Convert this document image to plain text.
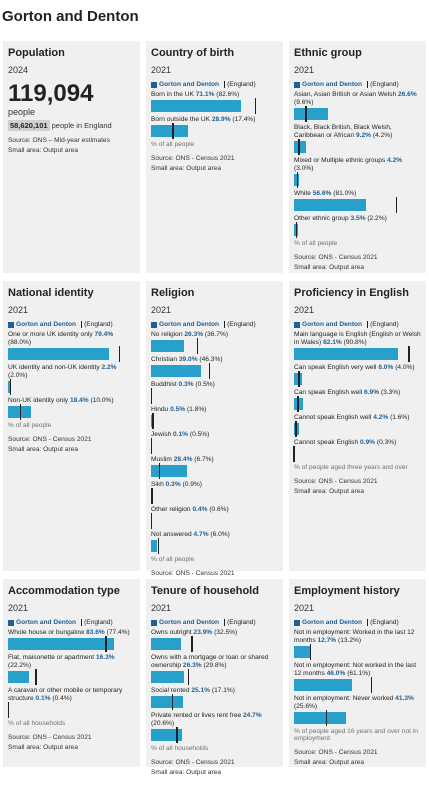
Gorton and Denton
Population
2024
119,094
people
58,620,101 people in England
Source: ONS – Mid-year estimates
Small area: Output area
Country of birth
2021
Gorton and Denton (England)
Born in the UK 71.1% (82.6%)
Born outside the UK 28.9% (17.4%)
% of all people
Source: ONS - Census 2021
Small area: Output area
Ethnic group
2021
Gorton and Denton (England)
Asian, Asian British or Asian Welsh 26.6% (9.6%)
Black, Black British, Black Welsh, Caribbean or African 9.2% (4.2%)
Mixed or Multiple ethnic groups 4.2% (3.0%)
White 56.6% (81.0%)
Other ethnic group 3.5% (2.2%)
% of all people
Source: ONS - Census 2021
Small area: Output area
National identity
2021
Gorton and Denton (England)
One or more UK identity only 79.4% (88.0%)
UK identity and non-UK identity 2.2% (2.0%)
Non-UK identity only 18.4% (10.0%)
% of all people
Source: ONS - Census 2021
Small area: Output area
Religion
2021
Gorton and Denton (England)
No religion 26.3% (36.7%)
Christian 39.0% (46.3%)
Buddhist 0.3% (0.5%)
Hindu 0.5% (1.8%)
Jewish 0.1% (0.5%)
Muslim 28.4% (6.7%)
Sikh 0.3% (0.9%)
Other religion 0.4% (0.6%)
Not answered 4.7% (6.0%)
% of all people
Source: ONS - Census 2021
Proficiency in English
2021
Gorton and Denton (England)
Main language is English (English or Welsh in Wales) 82.1% (90.8%)
Can speak English very well 6.0% (4.0%)
Can speak English well 6.9% (3.3%)
Cannot speak English well 4.2% (1.6%)
Cannot speak English 0.9% (0.3%)
% of people aged three years and over
Source: ONS - Census 2021
Small area: Output area
Accommodation type
2021
Gorton and Denton (England)
Whole house or bungalow 83.6% (77.4%)
Flat, maisonette or apartment 16.3% (22.2%)
A caravan or other mobile or temporary structure 0.1% (0.4%)
% of all households
Source: ONS - Census 2021
Small area: Output area
Tenure of household
2021
Gorton and Denton (England)
Owns outright 23.9% (32.5%)
Owns with a mortgage or loan or shared ownership 26.3% (29.8%)
Social rented 25.1% (17.1%)
Private rented or lives rent free 24.7% (20.6%)
% of all households
Source: ONS - Census 2021
Small area: Output area
Employment history
2021
Gorton and Denton (England)
Not in employment: Worked in the last 12 months 12.7% (13.2%)
Not in employment: Not worked in the last 12 months 46.0% (61.1%)
Not in employment: Never worked 41.3% (25.6%)
% of people aged 16 years and over not in employment
Source: ONS - Census 2021
Small area: Output area
